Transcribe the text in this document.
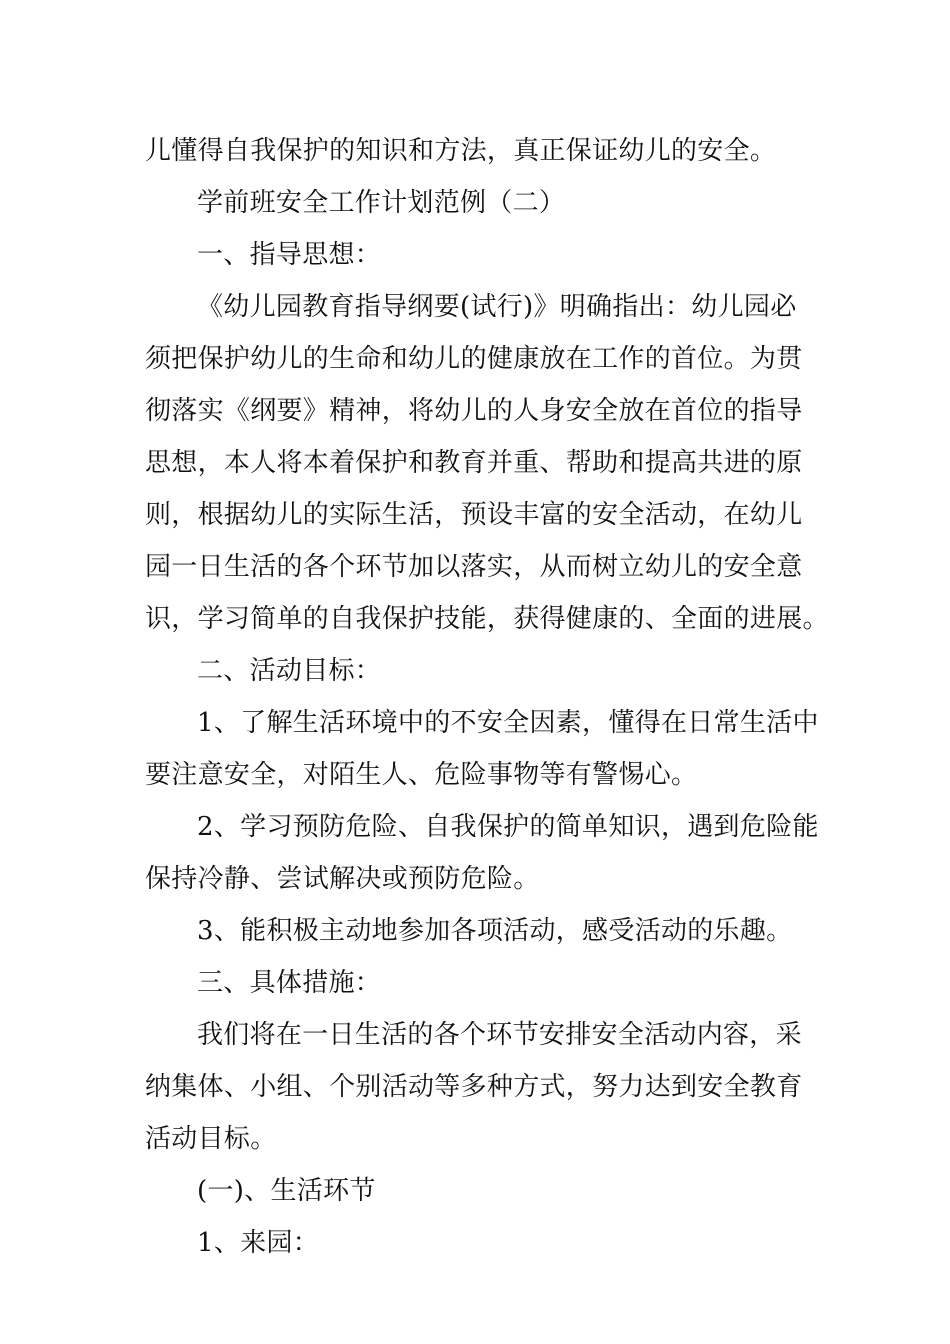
儿懂得自我保护的知识和方法，真正保证幼儿的安全。
学前班安全工作计划范例（二）
一、指导思想：
《幼儿园教育指导纲要(试行)》明确指出：幼儿园必
须把保护幼儿的生命和幼儿的健康放在工作的首位。为贯
彻落实《纲要》精神，将幼儿的人身安全放在首位的指导
思想，本人将本着保护和教育并重、帮助和提高共进的原
则，根据幼儿的实际生活，预设丰富的安全活动，在幼儿
园一日生活的各个环节加以落实，从而树立幼儿的安全意
识，学习简单的自我保护技能，获得健康的、全面的进展。
二、活动目标：
1、了解生活环境中的不安全因素，懂得在日常生活中
要注意安全，对陌生人、危险事物等有警惕心。
2、学习预防危险、自我保护的简单知识，遇到危险能
保持冷静、尝试解决或预防危险。
3、能积极主动地参加各项活动，感受活动的乐趣。
三、具体措施：
我们将在一日生活的各个环节安排安全活动内容，采
纳集体、小组、个别活动等多种方式，努力达到安全教育
活动目标。
(一)、生活环节
1、来园：
